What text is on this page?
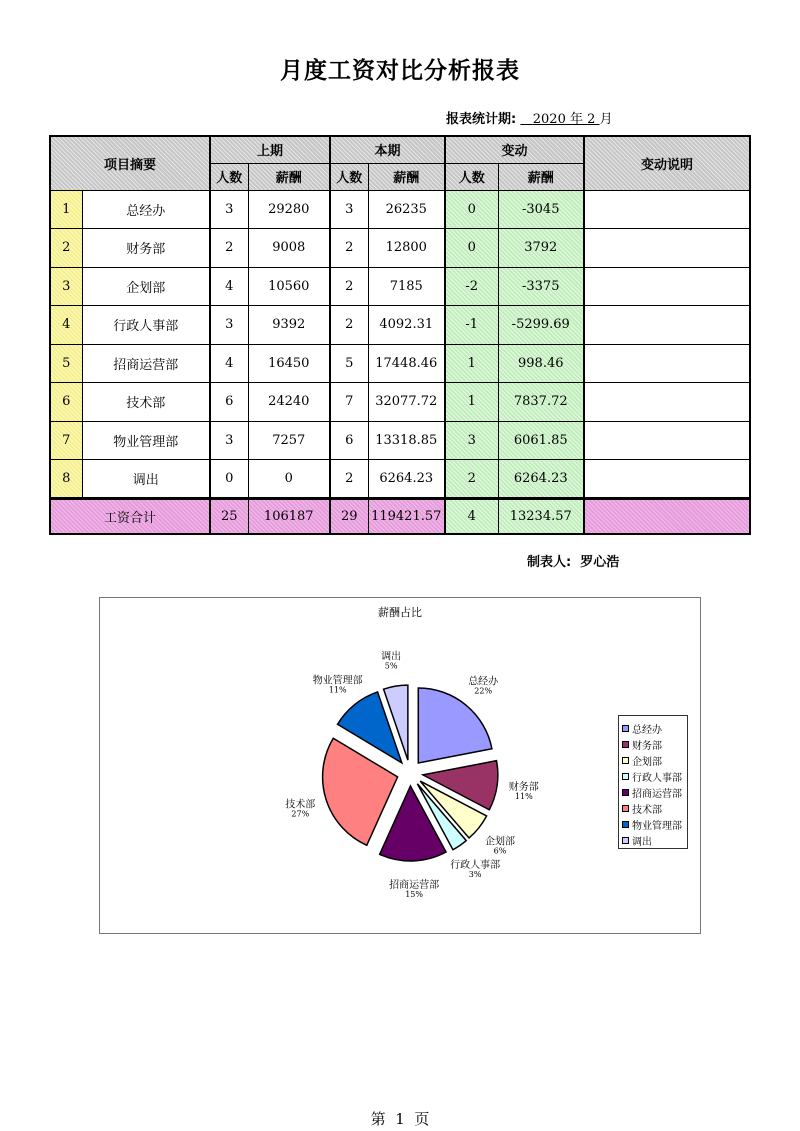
月度工资对比分析报表
报表统计期: 2020 年 2 月
项目摘要		上期		本期		变动		变动说明
		人数	薪酬	人数	薪酬	人数	薪酬	
1	总经办	3	29280	3	26235	0	-3045	
2	财务部	2	9008	2	12800	0	3792	
3	企划部	4	10560	2	7185	-2	-3375	
4	行政人事部	3	9392	2	4092.31	-1	-5299.69	
5	招商运营部	4	16450	5	17448.46	1	998.46	
6	技术部	6	24240	7	32077.72	1	7837.72	
7	物业管理部	3	7257	6	13318.85	3	6061.85	
8	调出	0	0	2	6264.23	2	6264.23	
工资合计		25	106187	29	119421.57	4	13234.57	
制表人: 罗心浩
薪酬占比
总经办 22%
财务部 11%
企划部 6%
行政人事部 3%
招商运营部 15%
技术部 27%
物业管理部 11%
调出 5%
总经办
财务部
企划部
行政人事部
招商运营部
技术部
物业管理部
调出
第 1 页
